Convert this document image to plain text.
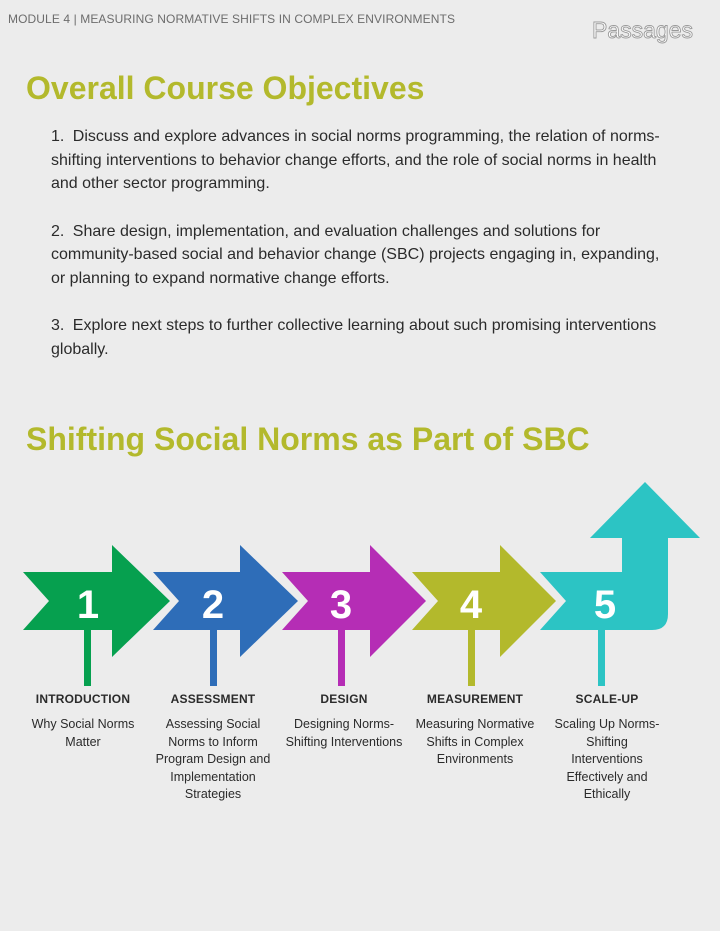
MODULE 4 | MEASURING NORMATIVE SHIFTS IN COMPLEX ENVIRONMENTS	Passages
Overall Course Objectives
1. Discuss and explore advances in social norms programming, the relation of norms-shifting interventions to behavior change efforts, and the role of social norms in health and other sector programming.
2. Share design, implementation, and evaluation challenges and solutions for community-based social and behavior change (SBC) projects engaging in, expanding, or planning to expand normative change efforts.
3. Explore next steps to further collective learning about such promising interventions globally.
Shifting Social Norms as Part of SBC
1	2	3	4	5
INTRODUCTION
Why Social Norms Matter
ASSESSMENT
Assessing Social Norms to Inform Program Design and Implementation Strategies
DESIGN
Designing Norms-Shifting Interventions
MEASUREMENT
Measuring Normative Shifts in Complex Environments
SCALE-UP
Scaling Up Norms-Shifting Interventions Effectively and Ethically
